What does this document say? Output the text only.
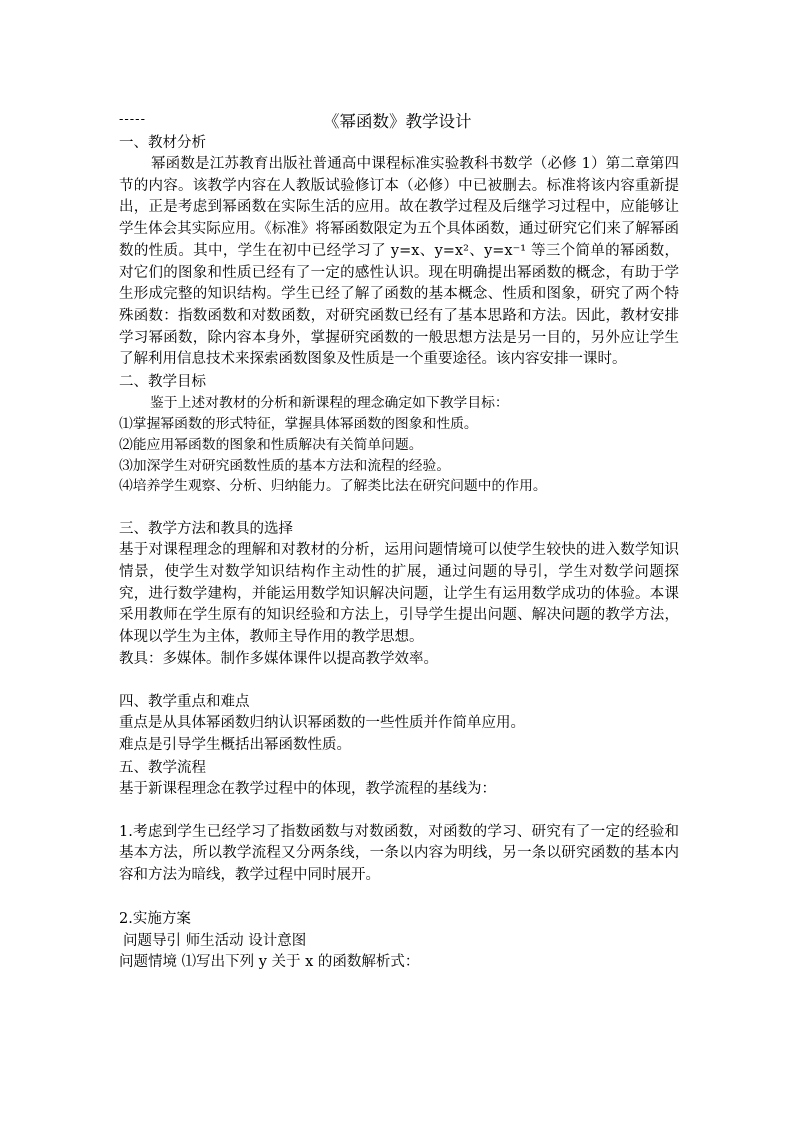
-----	《幂函数》教学设计

一、教材分析

幂函数是江苏教育出版社普通高中课程标准实验教科书数学（必修 1）第二章第四节的内容。该教学内容在人教版试验修订本（必修）中已被删去。标准将该内容重新提出，正是考虑到幂函数在实际生活的应用。故在教学过程及后继学习过程中，应能够让学生体会其实际应用。《标准》将幂函数限定为五个具体函数，通过研究它们来了解幂函数的性质。其中，学生在初中已经学习了 y=x、y=x²、y=x⁻¹ 等三个简单的幂函数，对它们的图象和性质已经有了一定的感性认识。现在明确提出幂函数的概念，有助于学生形成完整的知识结构。学生已经了解了函数的基本概念、性质和图象，研究了两个特殊函数：指数函数和对数函数，对研究函数已经有了基本思路和方法。因此，教材安排学习幂函数，除内容本身外，掌握研究函数的一般思想方法是另一目的，另外应让学生了解利用信息技术来探索函数图象及性质是一个重要途径。该内容安排一课时。

二、教学目标

鉴于上述对教材的分析和新课程的理念确定如下教学目标：

⑴掌握幂函数的形式特征，掌握具体幂函数的图象和性质。

⑵能应用幂函数的图象和性质解决有关简单问题。

⑶加深学生对研究函数性质的基本方法和流程的经验。

⑷培养学生观察、分析、归纳能力。了解类比法在研究问题中的作用。

三、教学方法和教具的选择

基于对课程理念的理解和对教材的分析，运用问题情境可以使学生较快的进入数学知识情景，使学生对数学知识结构作主动性的扩展，通过问题的导引，学生对数学问题探究，进行数学建构，并能运用数学知识解决问题，让学生有运用数学成功的体验。本课采用教师在学生原有的知识经验和方法上，引导学生提出问题、解决问题的教学方法，体现以学生为主体，教师主导作用的教学思想。

教具：多媒体。制作多媒体课件以提高教学效率。

四、教学重点和难点

重点是从具体幂函数归纳认识幂函数的一些性质并作简单应用。

难点是引导学生概括出幂函数性质。

五、教学流程

基于新课程理念在教学过程中的体现，教学流程的基线为：

1.考虑到学生已经学习了指数函数与对数函数，对函数的学习、研究有了一定的经验和基本方法，所以教学流程又分两条线，一条以内容为明线，另一条以研究函数的基本内容和方法为暗线，教学过程中同时展开。

2.实施方案

问题导引 师生活动 设计意图

问题情境 ⑴写出下列 y 关于 x 的函数解析式：
